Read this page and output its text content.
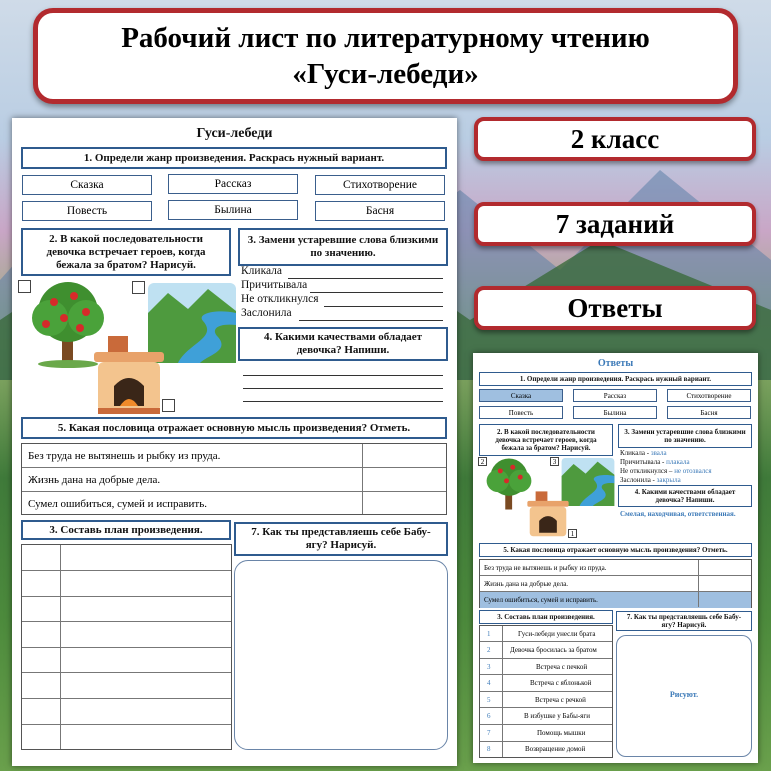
Рабочий лист по литературному чтению
«Гуси-лебеди»
2 класс
7 заданий
Ответы
Гуси-лебеди
1. Определи жанр произведения. Раскрась нужный вариант.
Сказка	Рассказ	Стихотворение
Повесть	Былина	Басня
2. В какой последовательности девочка встречает героев, когда бежала за братом? Нарисуй.
3. Замени устаревшие слова близкими по значению.
Кликала
Причитывала
Не откликнулся
Заслонила
4. Какими качествами обладает девочка? Напиши.
5. Какая пословица отражает основную мысль произведения? Отметь.
Без труда не вытянешь и рыбку из пруда.
Жизнь дана на добрые дела.
Сумел ошибиться, сумей и исправить.
3. Составь план произведения.	7. Как ты представляешь себе Бабу-ягу? Нарисуй.
Ответы
1. Определи жанр произведения. Раскрась нужный вариант.
Сказка	Рассказ	Стихотворение
Повесть	Былина	Басня
2. В какой последовательности девочка встречает героев, когда бежала за братом? Нарисуй.
3. Замени устаревшие слова близкими по значению.
Кликала - звала
Причитывала - плакала
Не откликнулся – не отозвался
Заслонила - закрыла
2	3
1
4. Какими качествами обладает девочка? Напиши.
Смелая, находчивая, ответственная.
5. Какая пословица отражает основную мысль произведения? Отметь.
Без труда не вытянешь и рыбку из пруда.
Жизнь дана на добрые дела.
Сумел ошибиться, сумей и исправить.
3. Составь план произведения.
1	Гуси-лебеди унесли брата
2	Девочка бросилась за братом
3	Встреча с печкой
4	Встреча с яблонькой
5	Встреча с речкой
6	В избушке у Бабы-яги
7	Помощь мышки
8	Возвращение домой
7. Как ты представляешь себе Бабу-ягу? Нарисуй.
Рисуют.
